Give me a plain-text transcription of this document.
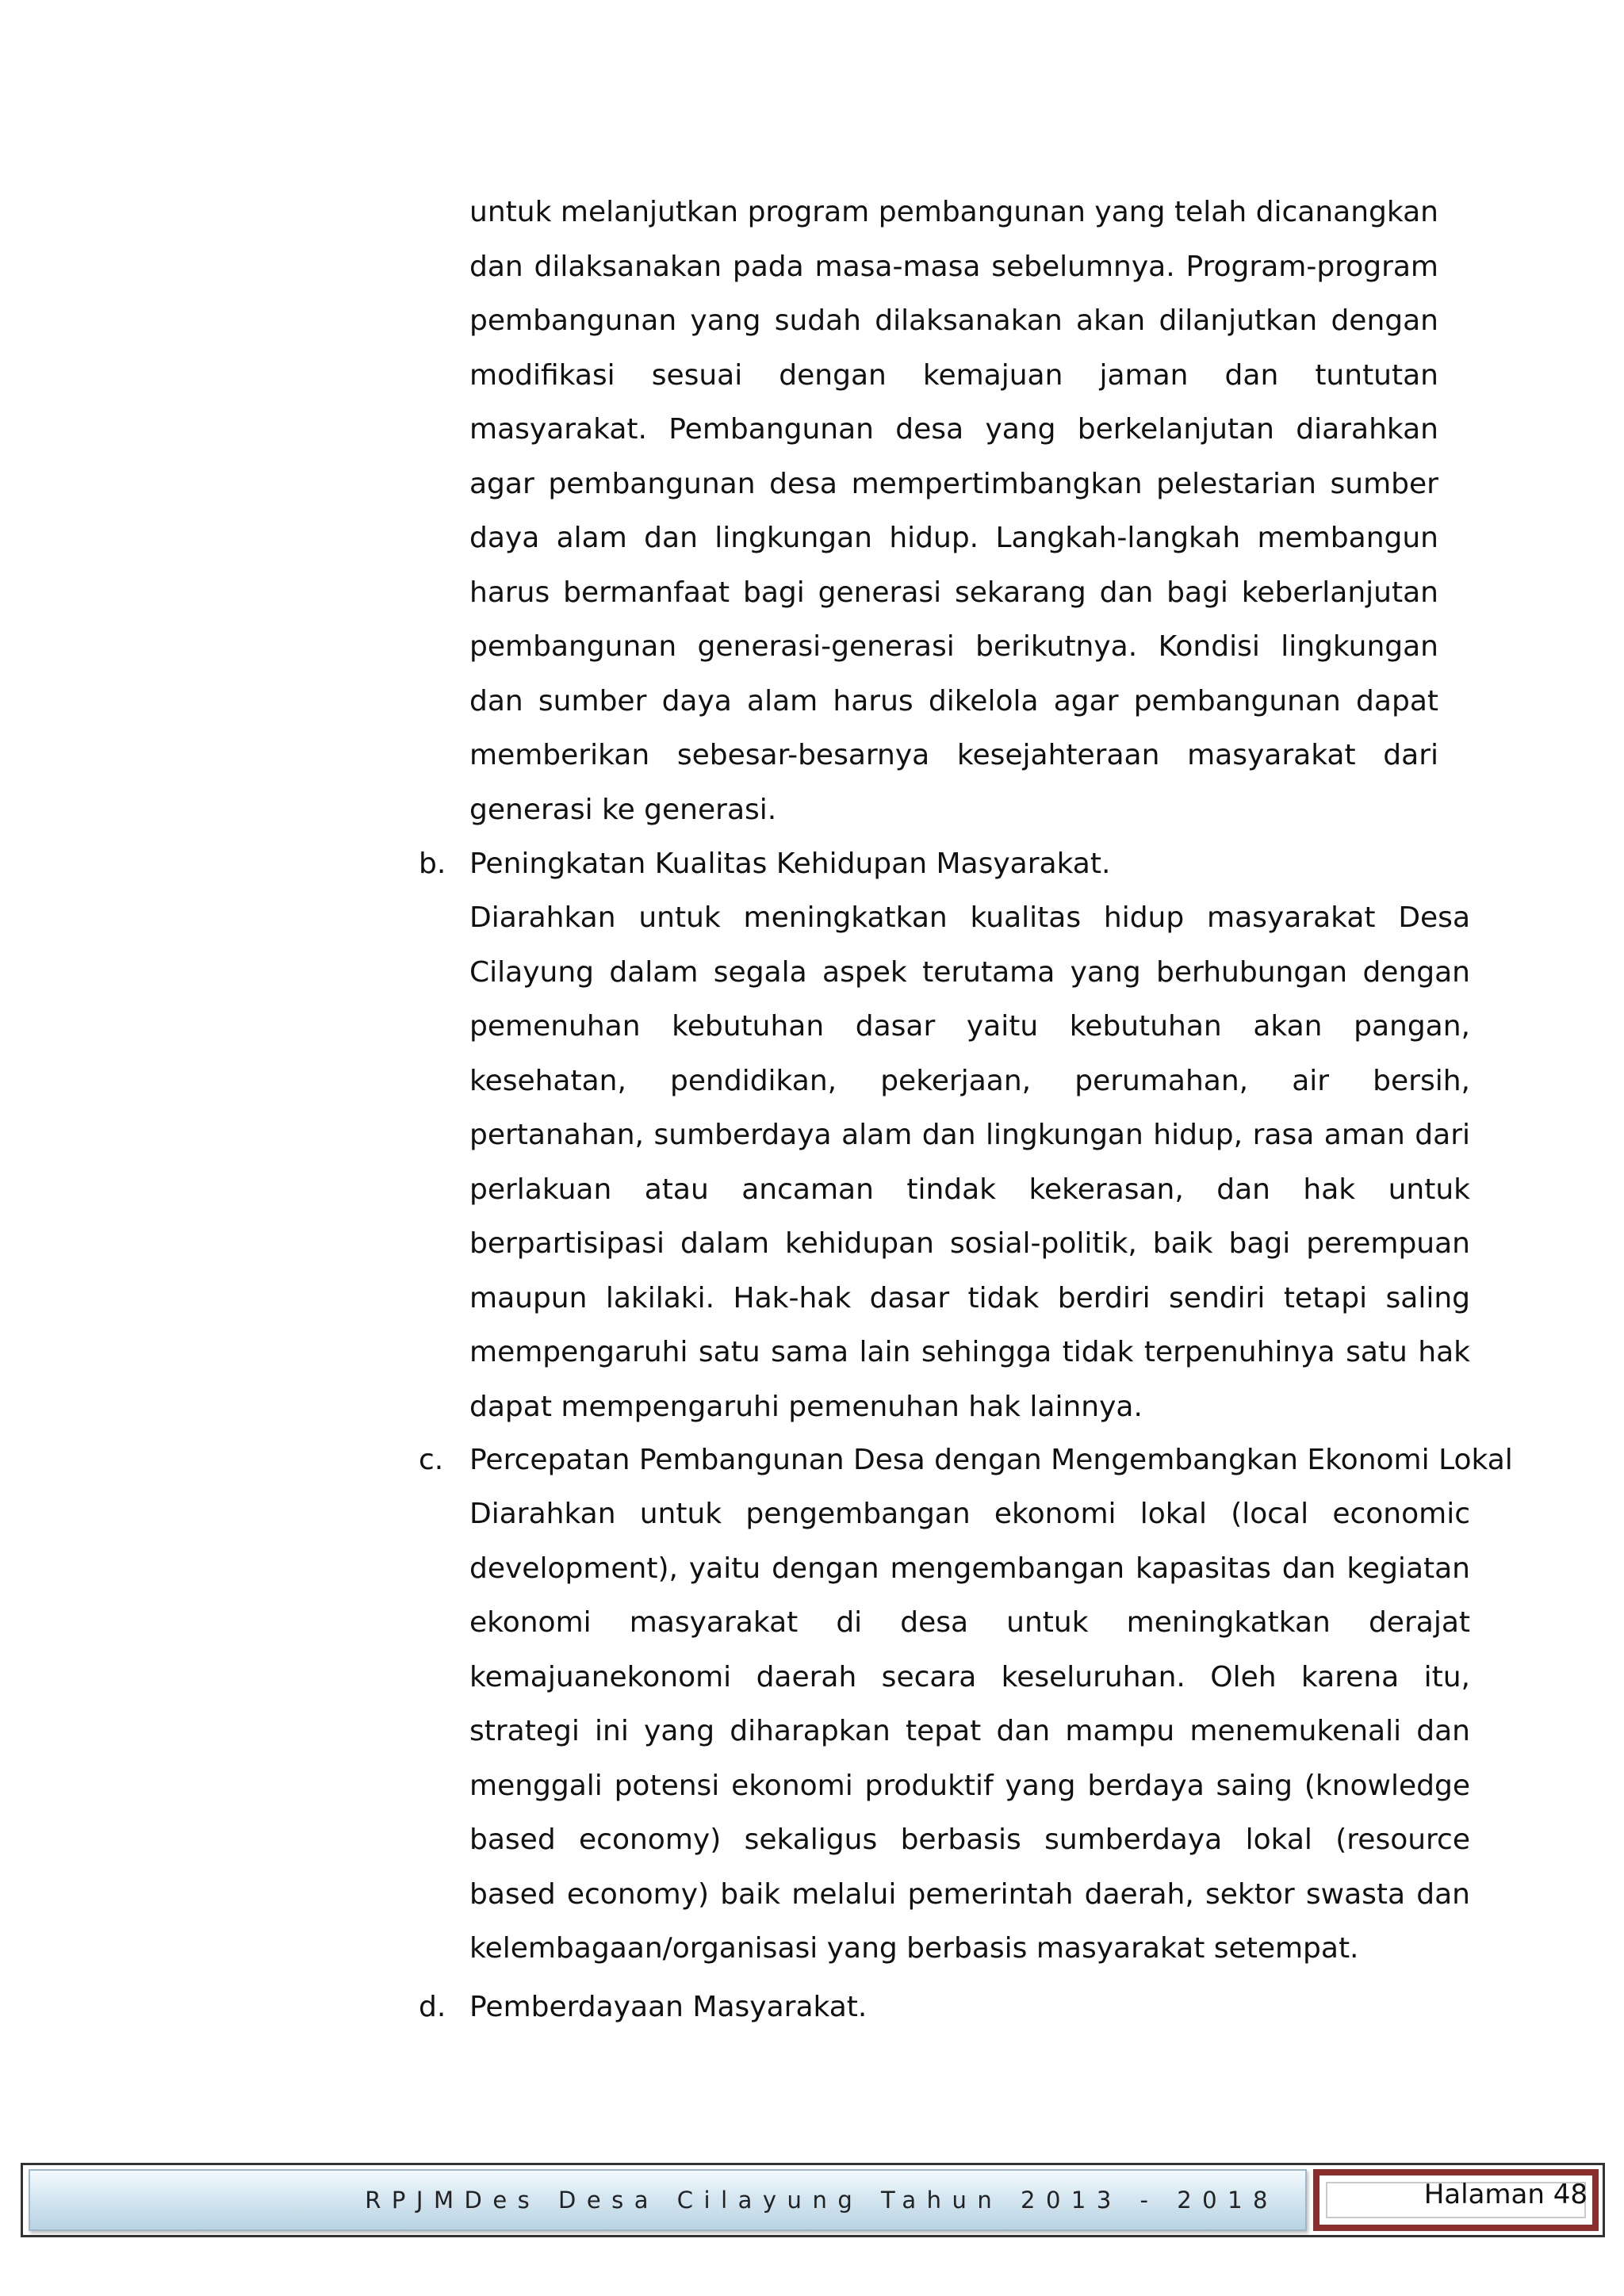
untuk melanjutkan program pembangunan yang telah dicanangkan dan dilaksanakan pada masa-masa sebelumnya. Program-program pembangunan yang sudah dilaksanakan akan dilanjutkan dengan modifikasi sesuai dengan kemajuan jaman dan tuntutan masyarakat. Pembangunan desa yang berkelanjutan diarahkan agar pembangunan desa mempertimbangkan pelestarian sumber daya alam dan lingkungan hidup. Langkah-langkah membangun harus bermanfaat bagi generasi sekarang dan bagi keberlanjutan pembangunan generasi-generasi berikutnya. Kondisi lingkungan dan sumber daya alam harus dikelola agar pembangunan dapat memberikan sebesar-besarnya kesejahteraan masyarakat dari generasi ke generasi.

b. Peningkatan Kualitas Kehidupan Masyarakat.

Diarahkan untuk meningkatkan kualitas hidup masyarakat Desa Cilayung dalam segala aspek terutama yang berhubungan dengan pemenuhan kebutuhan dasar yaitu kebutuhan akan pangan, kesehatan, pendidikan, pekerjaan, perumahan, air bersih, pertanahan, sumberdaya alam dan lingkungan hidup, rasa aman dari perlakuan atau ancaman tindak kekerasan, dan hak untuk berpartisipasi dalam kehidupan sosial-politik, baik bagi perempuan maupun lakilaki. Hak-hak dasar tidak berdiri sendiri tetapi saling mempengaruhi satu sama lain sehingga tidak terpenuhinya satu hak dapat mempengaruhi pemenuhan hak lainnya.

c. Percepatan Pembangunan Desa dengan Mengembangkan Ekonomi Lokal

Diarahkan untuk pengembangan ekonomi lokal (local economic development), yaitu dengan mengembangan kapasitas dan kegiatan ekonomi masyarakat di desa untuk meningkatkan derajat kemajuanekonomi daerah secara keseluruhan. Oleh karena itu, strategi ini yang diharapkan tepat dan mampu menemukenali dan menggali potensi ekonomi produktif yang berdaya saing (knowledge based economy) sekaligus berbasis sumberdaya lokal (resource based economy) baik melalui pemerintah daerah, sektor swasta dan kelembagaan/organisasi yang berbasis masyarakat setempat.

d. Pemberdayaan Masyarakat.
RPJMDes Desa Cilayung Tahun 2013 - 2018	Halaman 48
